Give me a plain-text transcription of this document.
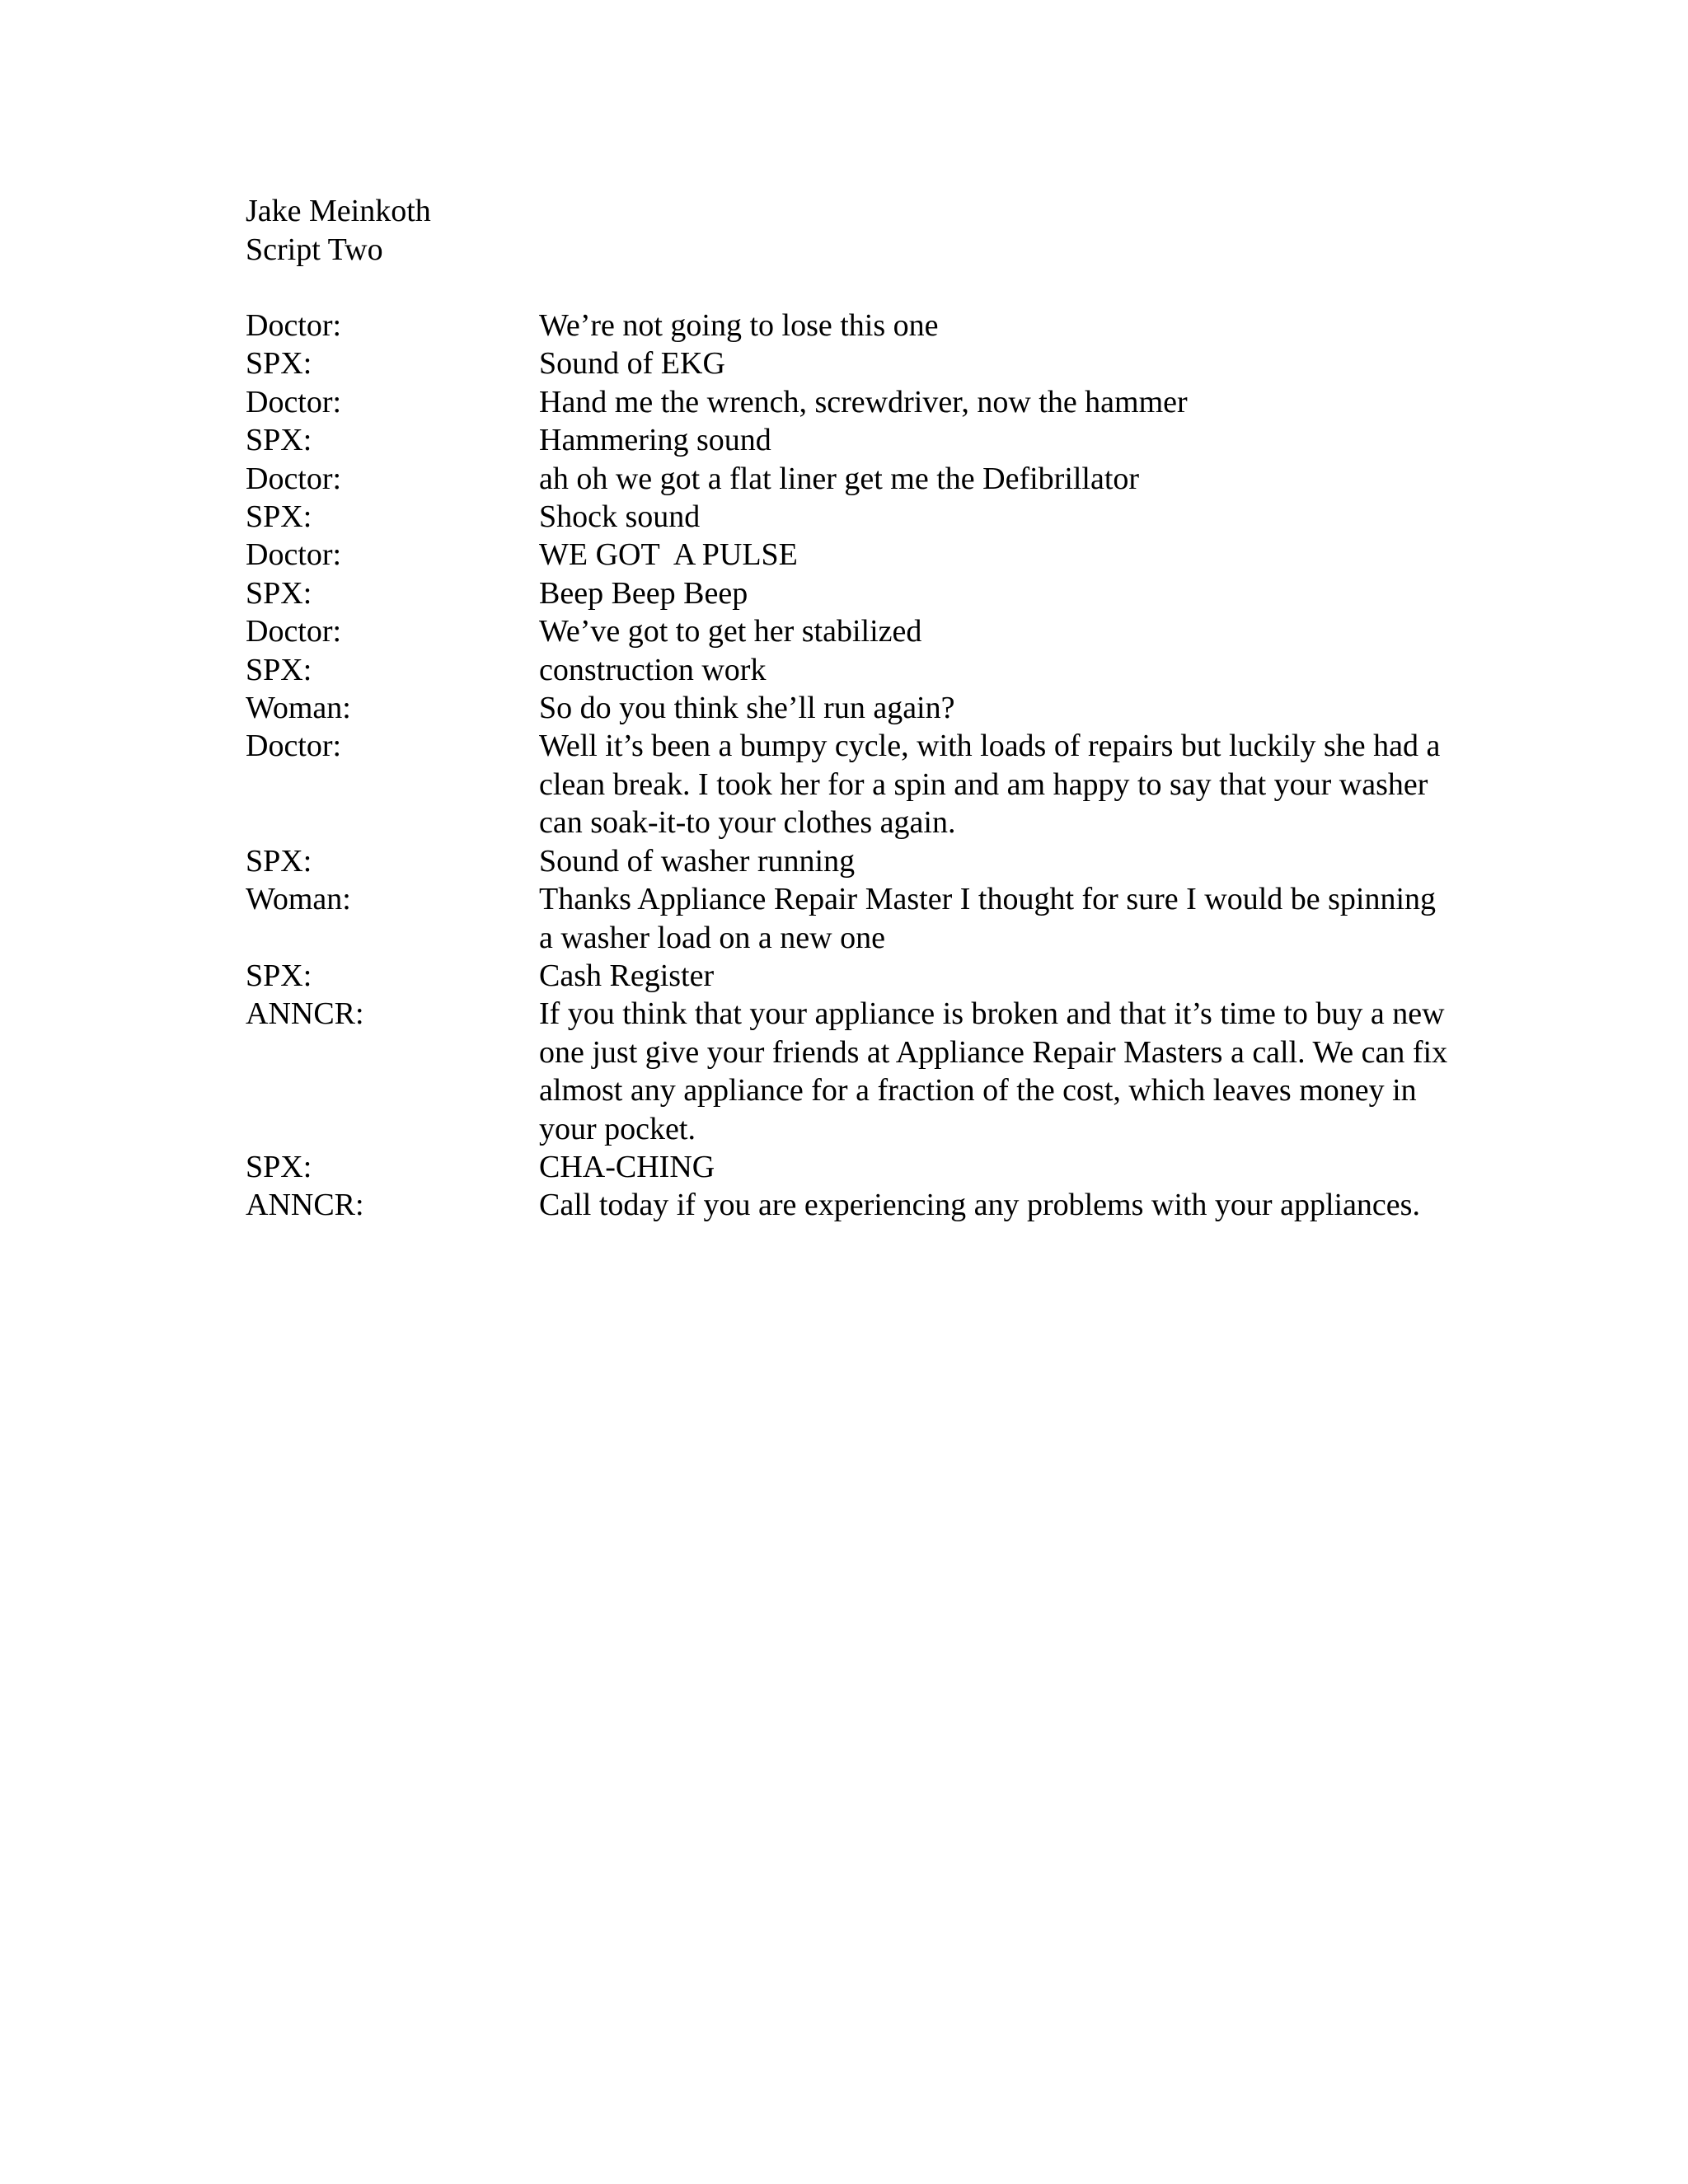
Jake Meinkoth
Script Two
Doctor:	We’re not going to lose this one
SPX:	Sound of EKG
Doctor:	Hand me the wrench, screwdriver, now the hammer
SPX:	Hammering sound
Doctor:	ah oh we got a flat liner get me the Defibrillator
SPX:	Shock sound
Doctor:	WE GOT  A PULSE
SPX:	Beep Beep Beep
Doctor:	We’ve got to get her stabilized
SPX:	construction work
Woman:	So do you think she’ll run again?
Doctor:	Well it’s been a bumpy cycle, with loads of repairs but luckily she had a clean break. I took her for a spin and am happy to say that your washer can soak-it-to your clothes again.
SPX:	Sound of washer running
Woman:	Thanks Appliance Repair Master I thought for sure I would be spinning a washer load on a new one
SPX:	Cash Register
ANNCR:	If you think that your appliance is broken and that it’s time to buy a new one just give your friends at Appliance Repair Masters a call. We can fix almost any appliance for a fraction of the cost, which leaves money in your pocket.
SPX:	CHA-CHING
ANNCR:	Call today if you are experiencing any problems with your appliances.
